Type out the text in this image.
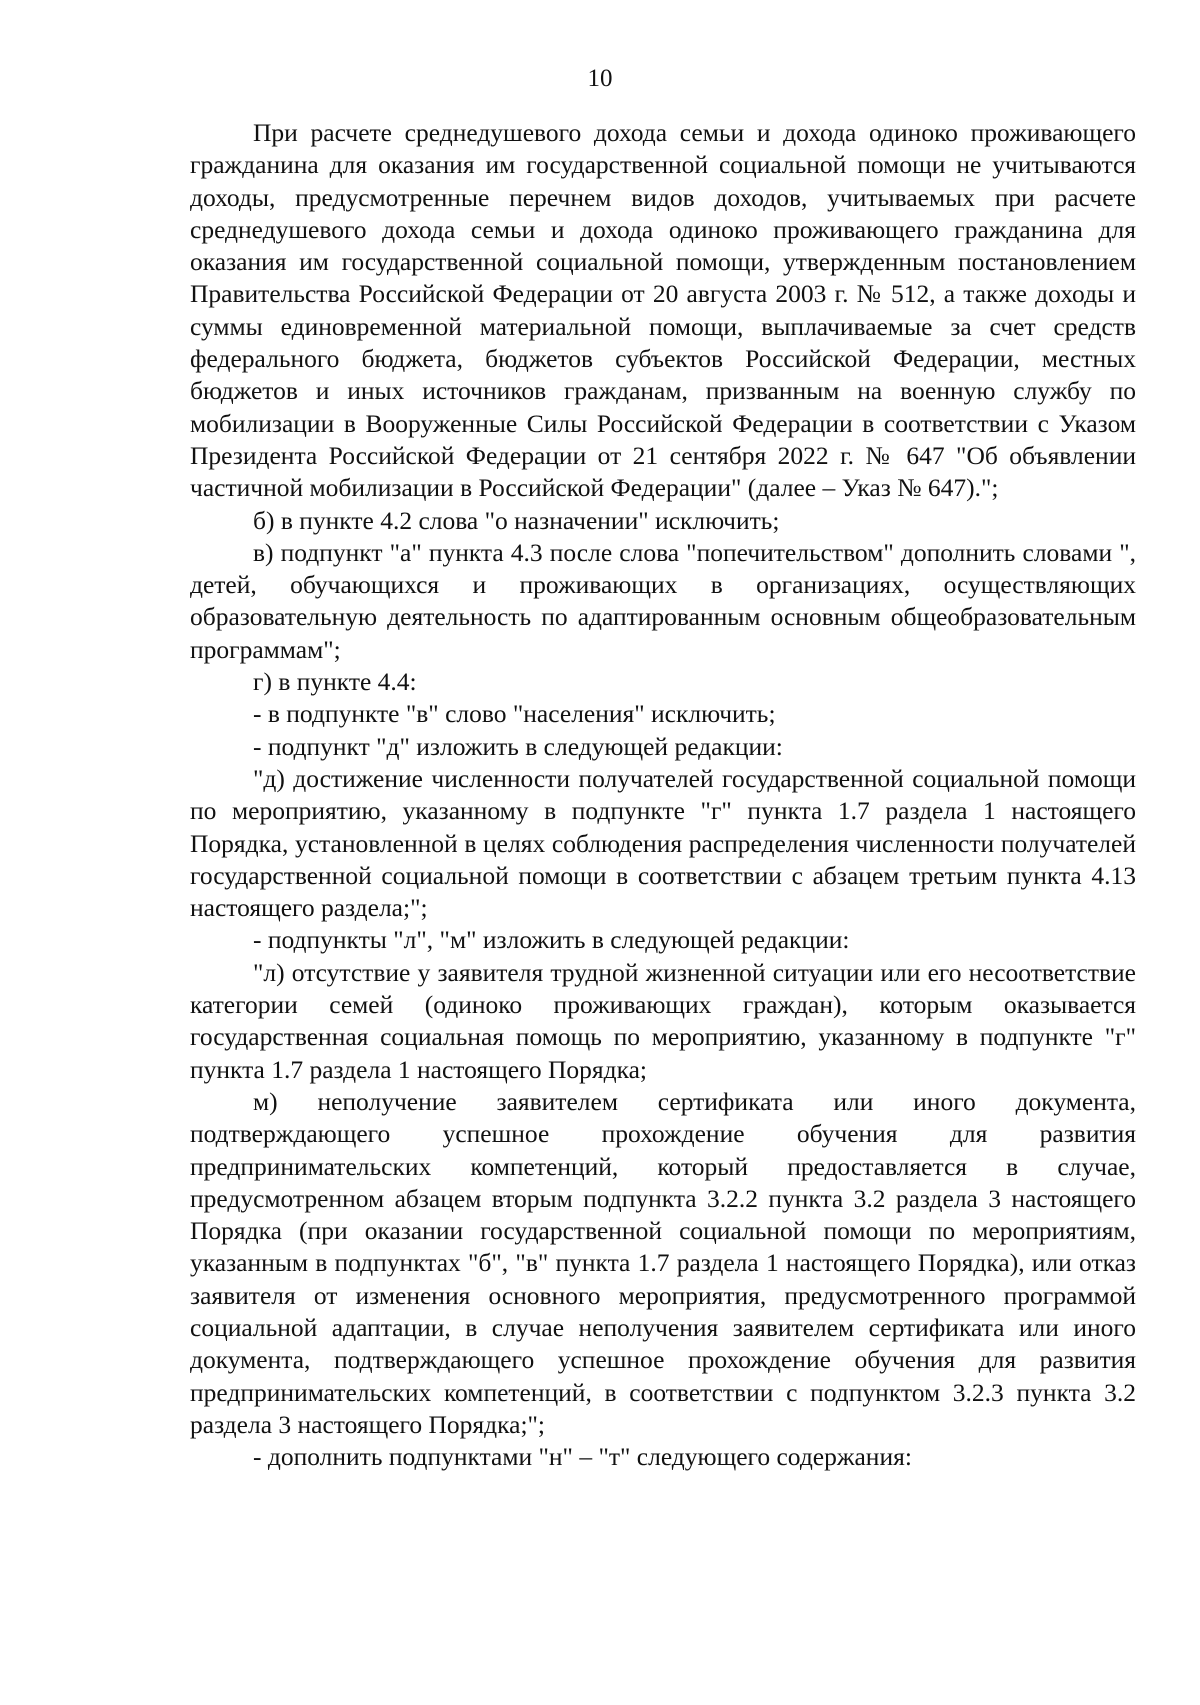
10

При расчете среднедушевого дохода семьи и дохода одиноко проживающего гражданина для оказания им государственной социальной помощи не учитываются доходы, предусмотренные перечнем видов доходов, учитываемых при расчете среднедушевого дохода семьи и дохода одиноко проживающего гражданина для оказания им государственной социальной помощи, утвержденным постановлением Правительства Российской Федерации от 20 августа 2003 г. № 512, а также доходы и суммы единовременной материальной помощи, выплачиваемые за счет средств федерального бюджета, бюджетов субъектов Российской Федерации, местных бюджетов и иных источников гражданам, призванным на военную службу по мобилизации в Вооруженные Силы Российской Федерации в соответствии с Указом Президента Российской Федерации от 21 сентября 2022 г. № 647 "Об объявлении частичной мобилизации в Российской Федерации" (далее – Указ № 647).";

б) в пункте 4.2 слова "о назначении" исключить;

в) подпункт "а" пункта 4.3 после слова "попечительством" дополнить словами ", детей, обучающихся и проживающих в организациях, осуществляющих образовательную деятельность по адаптированным основным общеобразовательным программам";

г) в пункте 4.4:

- в подпункте "в" слово "населения" исключить;

- подпункт "д" изложить в следующей редакции:

"д) достижение численности получателей государственной социальной помощи по мероприятию, указанному в подпункте "г" пункта 1.7 раздела 1 настоящего Порядка, установленной в целях соблюдения распределения численности получателей государственной социальной помощи в соответствии с абзацем третьим пункта 4.13 настоящего раздела;";

- подпункты "л", "м" изложить в следующей редакции:

"л) отсутствие у заявителя трудной жизненной ситуации или его несоответствие категории семей (одиноко проживающих граждан), которым оказывается государственная социальная помощь по мероприятию, указанному в подпункте "г" пункта 1.7 раздела 1 настоящего Порядка;

м) неполучение заявителем сертификата или иного документа, подтверждающего успешное прохождение обучения для развития предпринимательских компетенций, который предоставляется в случае, предусмотренном абзацем вторым подпункта 3.2.2 пункта 3.2 раздела 3 настоящего Порядка (при оказании государственной социальной помощи по мероприятиям, указанным в подпунктах "б", "в" пункта 1.7 раздела 1 настоящего Порядка), или отказ заявителя от изменения основного мероприятия, предусмотренного программой социальной адаптации, в случае неполучения заявителем сертификата или иного документа, подтверждающего успешное прохождение обучения для развития предпринимательских компетенций, в соответствии с подпунктом 3.2.3 пункта 3.2 раздела 3 настоящего Порядка;";

- дополнить подпунктами "н" – "т" следующего содержания:
